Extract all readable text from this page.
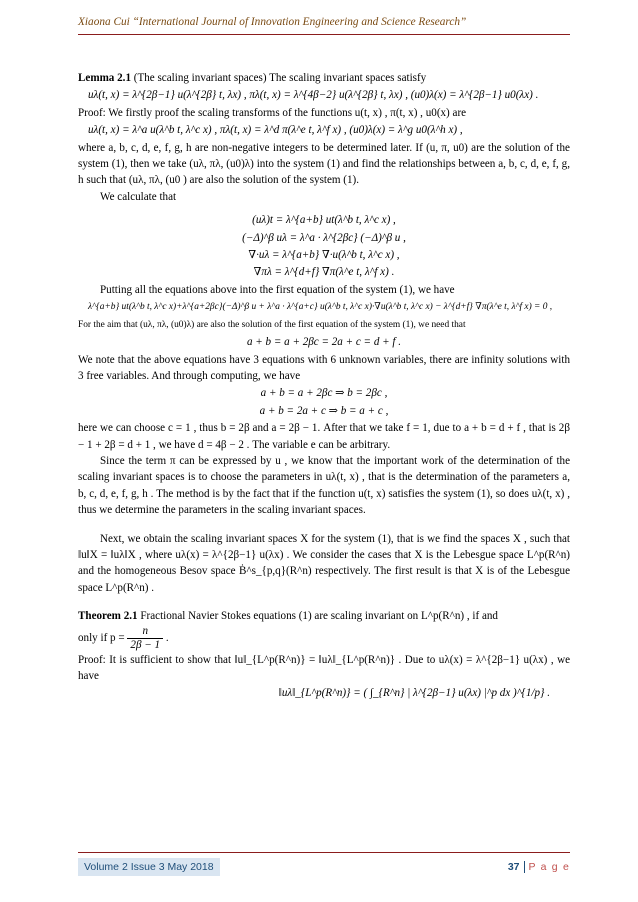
Xiaona Cui “International Journal of Innovation Engineering and Science Research”

Lemma 2.1 (The scaling invariant spaces) The scaling invariant spaces satisfy

uλ(t, x) = λ^{2β−1} u(λ^{2β} t, λx) , πλ(t, x) = λ^{4β−2} u(λ^{2β} t, λx) , (u0)λ(x) = λ^{2β−1} u0(λx) .

Proof: We firstly proof the scaling transforms of the functions u(t, x) , π(t, x) , u0(x) are

uλ(t, x) = λ^a u(λ^b t, λ^c x) , πλ(t, x) = λ^d π(λ^e t, λ^f x) , (u0)λ(x) = λ^g u0(λ^h x) ,

where a, b, c, d, e, f, g, h are non-negative integers to be determined later. If (u, π, u0) are the solution of the system (1), then we take (uλ, πλ, (u0)λ) into the system (1) and find the relationships between a, b, c, d, e, f, g, h such that (uλ, πλ, (u0 ) are also the solution of the system (1).

We calculate that

(uλ)t = λ^{a+b} ut(λ^b t, λ^c x) ,

(−Δ)^β uλ = λ^a · λ^{2βc} (−Δ)^β u ,

∇·uλ = λ^{a+b} ∇·u(λ^b t, λ^c x) ,

∇πλ = λ^{d+f} ∇π(λ^e t, λ^f x) .

Putting all the equations above into the first equation of the system (1), we have

λ^{a+b} ut(λ^b t, λ^c x)+λ^{a+2βc}(−Δ)^β u + λ^a · λ^{a+c} u(λ^b t, λ^c x)·∇u(λ^b t, λ^c x) − λ^{d+f} ∇π(λ^e t, λ^f x) = 0 ,

For the aim that (uλ, πλ, (u0)λ) are also the solution of the first equation of the system (1), we need that

a + b = a + 2βc = 2a + c = d + f .

We note that the above equations have 3 equations with 6 unknown variables, there are infinity solutions with 3 free variables. And through computing, we have

a + b = a + 2βc ⇒ b = 2βc ,

a + b = 2a + c ⇒ b = a + c ,

here we can choose c = 1 , thus b = 2β and a = 2β − 1. After that we take f = 1, due to a + b = d + f , that is 2β − 1 + 2β = d + 1 , we have d = 4β − 2 . The variable e can be arbitrary.

Since the term π can be expressed by u , we know that the important work of the determination of the scaling invariant spaces is to choose the parameters in uλ(t, x) , that is the determination of the parameters a, b, c, d, e, f, g, h . The method is by the fact that if the function u(t, x) satisfies the system (1), so does uλ(t, x) , thus we determine the parameters in the scaling invariant spaces.

Next, we obtain the scaling invariant spaces X for the system (1), that is we find the spaces X , such that ‖u‖X = ‖uλ‖X , where uλ(x) = λ^{2β−1} u(λx) . We consider the cases that X is the Lebesgue space L^p(R^n) and the homogeneous Besov space Ḃ^s_{p,q}(R^n) respectively. The first result is that X is of the Lebesgue space L^p(R^n) .

Theorem 2.1 Fractional Navier Stokes equations (1) are scaling invariant on L^p(R^n) , if and

only if $p = \frac{n}{2\beta - 1}$ .

Proof: It is sufficient to show that ‖u‖_{L^p(R^n)} = ‖uλ‖_{L^p(R^n)} . Due to uλ(x) = λ^{2β−1} u(λx) , we have

‖uλ‖_{L^p(R^n)} = ( ∫_{R^n} | λ^{2β−1} u(λx) |^p dx )^{1/p} .

Volume 2 Issue 3 May 2018	37 P a g e
